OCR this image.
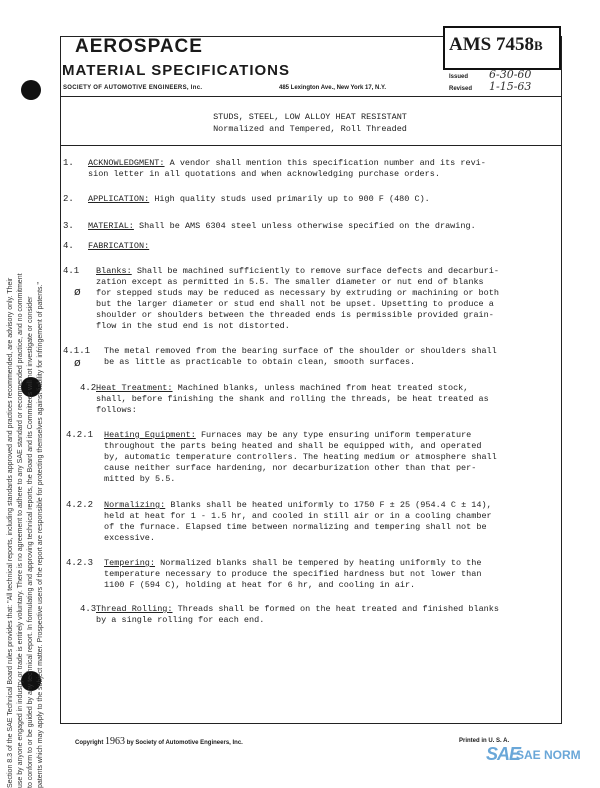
Section 8.3 of the SAE Technical Board rules provides that: "All technical reports, including standards approved and practices recommended, are advisory only. Their use by anyone engaged in industry or trade is entirely voluntary. There is no agreement to adhere to any SAE standard or recommended practice, and no commitment to conform to or be guided by any technical report. In formulating and approving technical reports, the Board and its Committees will not investigate or consider patents which may apply to the subject matter. Prospective users of the report are responsible for protecting themselves against liability for infringement of patents."
AEROSPACE
MATERIAL SPECIFICATIONS
SOCIETY OF AUTOMOTIVE ENGINEERS, Inc.	485 Lexington Ave., New York 17, N.Y.
AMS 7458B
Issued 6-30-60
Revised 1-15-63
STUDS, STEEL, LOW ALLOY HEAT RESISTANT
Normalized and Tempered, Roll Threaded
1. ACKNOWLEDGMENT: A vendor shall mention this specification number and its revi-
sion letter in all quotations and when acknowledging purchase orders.
2. APPLICATION: High quality studs used primarily up to 900 F (480 C).
3. MATERIAL: Shall be AMS 6304 steel unless otherwise specified on the drawing.
4. FABRICATION:
4.1
ø
Blanks: Shall be machined sufficiently to remove surface defects and decarburi-
zation except as permitted in 5.5. The smaller diameter or nut end of blanks
for stepped studs may be reduced as necessary by extruding or machining or both
but the larger diameter or stud end shall not be upset. Upsetting to produce a
shoulder or shoulders between the threaded ends is permissible provided grain-
flow in the stud end is not distorted.
4.1.1
ø
The metal removed from the bearing surface of the shoulder or shoulders shall
be as little as practicable to obtain clean, smooth surfaces.
4.2 Heat Treatment: Machined blanks, unless machined from heat treated stock,
shall, before finishing the shank and rolling the threads, be heat treated as
follows:
4.2.1 Heating Equipment: Furnaces may be any type ensuring uniform temperature
throughout the parts being heated and shall be equipped with, and operated
by, automatic temperature controllers. The heating medium or atmosphere shall
cause neither surface hardening, nor decarburization other than that per-
mitted by 5.5.
4.2.2 Normalizing: Blanks shall be heated uniformly to 1750 F ± 25 (954.4 C ± 14),
held at heat for 1 - 1.5 hr, and cooled in still air or in a cooling chamber
of the furnace. Elapsed time between normalizing and tempering shall not be
excessive.
4.2.3 Tempering: Normalized blanks shall be tempered by heating uniformly to the
temperature necessary to produce the specified hardness but not lower than
1100 F (594 C), holding at heat for 6 hr, and cooling in air.
4.3 Thread Rolling: Threads shall be formed on the heat treated and finished blanks
by a single rolling for each end.
Copyright 1963 by Society of Automotive Engineers, Inc.	Printed in U. S. A.
SAE
SAE NORM
